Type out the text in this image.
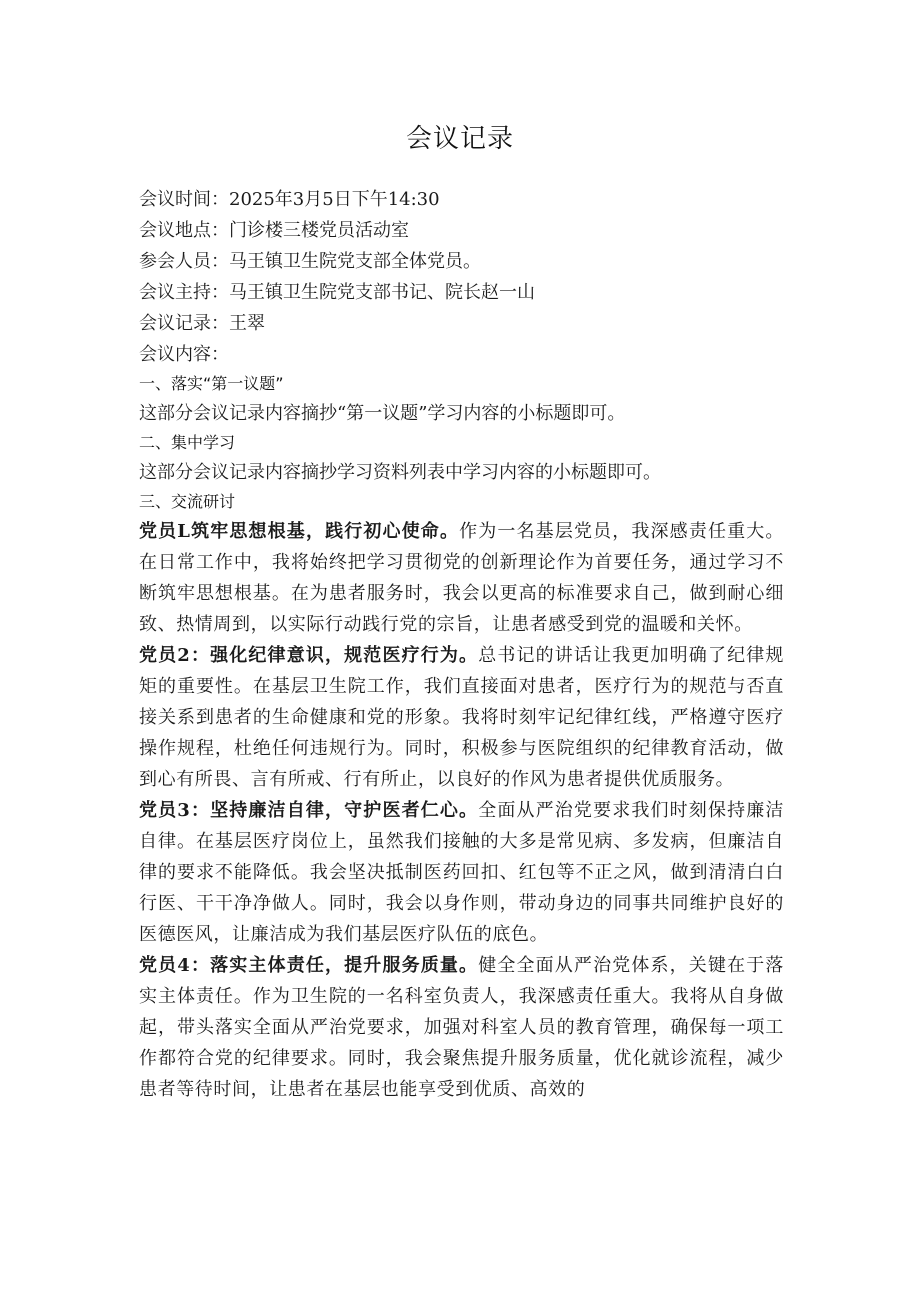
会议记录

会议时间：2025年3月5日下午14:30

会议地点：门诊楼三楼党员活动室

参会人员：马王镇卫生院党支部全体党员。

会议主持：马王镇卫生院党支部书记、院长赵一山

会议记录：王翠

会议内容：

一、落实“第一议题”

这部分会议记录内容摘抄“第一议题”学习内容的小标题即可。

二、集中学习

这部分会议记录内容摘抄学习资料列表中学习内容的小标题即可。

三、交流研讨

党员L筑牢思想根基，践行初心使命。作为一名基层党员，我深感责任重大。在日常工作中，我将始终把学习贯彻党的创新理论作为首要任务，通过学习不断筑牢思想根基。在为患者服务时，我会以更高的标准要求自己，做到耐心细致、热情周到，以实际行动践行党的宗旨，让患者感受到党的温暖和关怀。

党员2：强化纪律意识，规范医疗行为。总书记的讲话让我更加明确了纪律规矩的重要性。在基层卫生院工作，我们直接面对患者，医疗行为的规范与否直接关系到患者的生命健康和党的形象。我将时刻牢记纪律红线，严格遵守医疗操作规程，杜绝任何违规行为。同时，积极参与医院组织的纪律教育活动，做到心有所畏、言有所戒、行有所止，以良好的作风为患者提供优质服务。

党员3：坚持廉洁自律，守护医者仁心。全面从严治党要求我们时刻保持廉洁自律。在基层医疗岗位上，虽然我们接触的大多是常见病、多发病，但廉洁自律的要求不能降低。我会坚决抵制医药回扣、红包等不正之风，做到清清白白行医、干干净净做人。同时，我会以身作则，带动身边的同事共同维护良好的医德医风，让廉洁成为我们基层医疗队伍的底色。

党员4：落实主体责任，提升服务质量。健全全面从严治党体系，关键在于落实主体责任。作为卫生院的一名科室负责人，我深感责任重大。我将从自身做起，带头落实全面从严治党要求，加强对科室人员的教育管理，确保每一项工作都符合党的纪律要求。同时，我会聚焦提升服务质量，优化就诊流程，减少患者等待时间，让患者在基层也能享受到优质、高效的
